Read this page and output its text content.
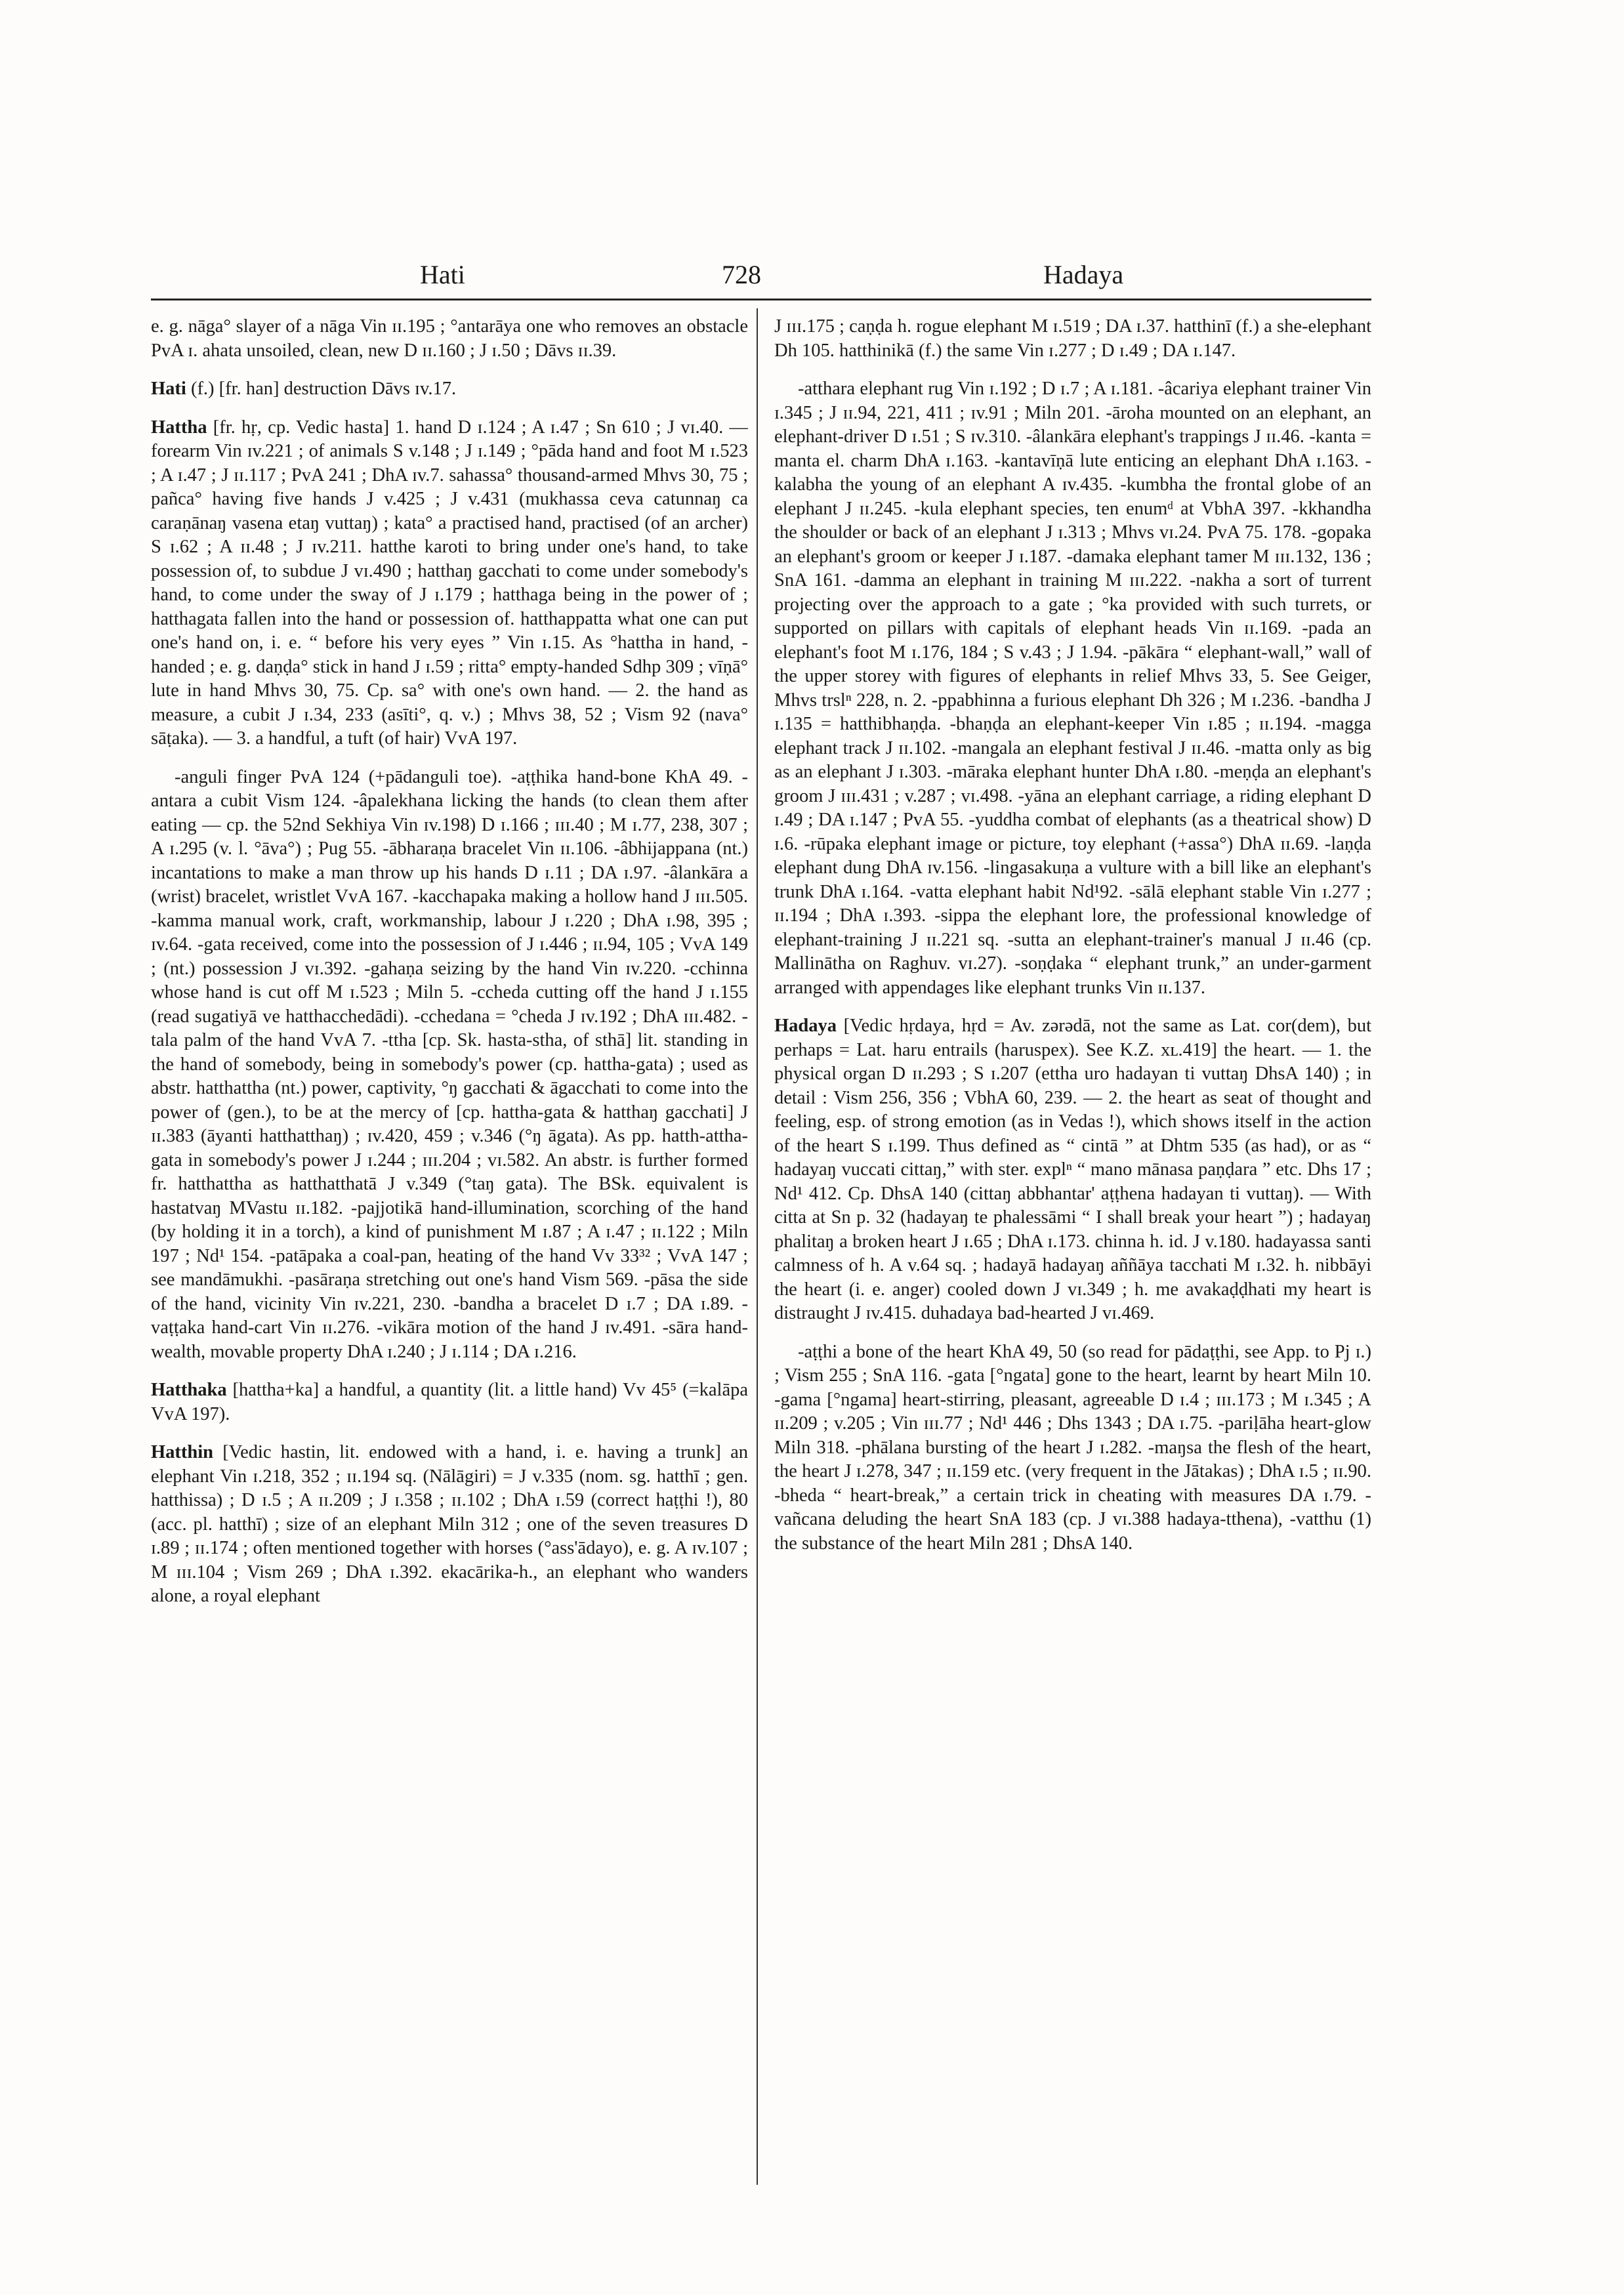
Hati	728	Hadaya

e. g. nāga° slayer of a nāga Vin ɪɪ.195 ; °antarāya one who removes an obstacle PvA ɪ. ahata unsoiled, clean, new D ɪɪ.160 ; J ɪ.50 ; Dāvs ɪɪ.39.

Hati (f.) [fr. han] destruction Dāvs ɪv.17.

Hattha [fr. hṛ, cp. Vedic hasta] 1. hand D ɪ.124 ; A ɪ.47 ; Sn 610 ; J vɪ.40. — forearm Vin ɪv.221 ; of animals S v.148 ; J ɪ.149 ; °pāda hand and foot M ɪ.523 ; A ɪ.47 ; J ɪɪ.117 ; PvA 241 ; DhA ɪv.7. sahassa° thousand-armed Mhvs 30, 75 ; pañca° having five hands J v.425 ; J v.431 (mukhassa ceva catunnaŋ ca caraṇānaŋ vasena etaŋ vuttaŋ) ; kata° a practised hand, practised (of an archer) S ɪ.62 ; A ɪɪ.48 ; J ɪv.211. hatthe karoti to bring under one's hand, to take possession of, to subdue J vɪ.490 ; hatthaŋ gacchati to come under somebody's hand, to come under the sway of J ɪ.179 ; hatthaga being in the power of ; hatthagata fallen into the hand or possession of. hatthappatta what one can put one's hand on, i. e. “ before his very eyes ” Vin ɪ.15. As °hattha in hand, -handed ; e. g. daṇḍa° stick in hand J ɪ.59 ; ritta° empty-handed Sdhp 309 ; vīṇā° lute in hand Mhvs 30, 75. Cp. sa° with one's own hand. — 2. the hand as measure, a cubit J ɪ.34, 233 (asīti°, q. v.) ; Mhvs 38, 52 ; Vism 92 (nava° sāṭaka). — 3. a handful, a tuft (of hair) VvA 197.

-anguli finger PvA 124 (+pādanguli toe). -aṭṭhika hand-bone KhA 49. -antara a cubit Vism 124. -âpalekhana licking the hands (to clean them after eating — cp. the 52nd Sekhiya Vin ɪv.198) D ɪ.166 ; ɪɪɪ.40 ; M ɪ.77, 238, 307 ; A ɪ.295 (v. l. °āva°) ; Pug 55. -ābharaṇa bracelet Vin ɪɪ.106. -âbhijappana (nt.) incantations to make a man throw up his hands D ɪ.11 ; DA ɪ.97. -âlankāra a (wrist) bracelet, wristlet VvA 167. -kacchapaka making a hollow hand J ɪɪɪ.505. -kamma manual work, craft, workmanship, labour J ɪ.220 ; DhA ɪ.98, 395 ; ɪv.64. -gata received, come into the possession of J ɪ.446 ; ɪɪ.94, 105 ; VvA 149 ; (nt.) possession J vɪ.392. -gahaṇa seizing by the hand Vin ɪv.220. -cchinna whose hand is cut off M ɪ.523 ; Miln 5. -ccheda cutting off the hand J ɪ.155 (read sugatiyā ve hatthacchedādi). -cchedana = °cheda J ɪv.192 ; DhA ɪɪɪ.482. -tala palm of the hand VvA 7. -ttha [cp. Sk. hasta-stha, of sthā] lit. standing in the hand of somebody, being in somebody's power (cp. hattha-gata) ; used as abstr. hatthattha (nt.) power, captivity, °ŋ gacchati & āgacchati to come into the power of (gen.), to be at the mercy of [cp. hattha-gata & hatthaŋ gacchati] J ɪɪ.383 (āyanti hatthatthaŋ) ; ɪv.420, 459 ; v.346 (°ŋ āgata). As pp. hatth-attha-gata in somebody's power J ɪ.244 ; ɪɪɪ.204 ; vɪ.582. An abstr. is further formed fr. hatthattha as hatthatthatā J v.349 (°taŋ gata). The BSk. equivalent is hastatvaŋ MVastu ɪɪ.182. -pajjotikā hand-illumination, scorching of the hand (by holding it in a torch), a kind of punishment M ɪ.87 ; A ɪ.47 ; ɪɪ.122 ; Miln 197 ; Nd¹ 154. -patāpaka a coal-pan, heating of the hand Vv 33³² ; VvA 147 ; see mandāmukhi. -pasāraṇa stretching out one's hand Vism 569. -pāsa the side of the hand, vicinity Vin ɪv.221, 230. -bandha a bracelet D ɪ.7 ; DA ɪ.89. -vaṭṭaka hand-cart Vin ɪɪ.276. -vikāra motion of the hand J ɪv.491. -sāra hand-wealth, movable property DhA ɪ.240 ; J ɪ.114 ; DA ɪ.216.

Hatthaka [hattha+ka] a handful, a quantity (lit. a little hand) Vv 45⁵ (=kalāpa VvA 197).

Hatthin [Vedic hastin, lit. endowed with a hand, i. e. having a trunk] an elephant Vin ɪ.218, 352 ; ɪɪ.194 sq. (Nālāgiri) = J v.335 (nom. sg. hatthī ; gen. hatthissa) ; D ɪ.5 ; A ɪɪ.209 ; J ɪ.358 ; ɪɪ.102 ; DhA ɪ.59 (correct haṭṭhi !), 80 (acc. pl. hatthī) ; size of an elephant Miln 312 ; one of the seven treasures D ɪ.89 ; ɪɪ.174 ; often mentioned together with horses (°ass'ādayo), e. g. A ɪv.107 ; M ɪɪɪ.104 ; Vism 269 ; DhA ɪ.392. ekacārika-h., an elephant who wanders alone, a royal elephant

J ɪɪɪ.175 ; caṇḍa h. rogue elephant M ɪ.519 ; DA ɪ.37. hatthinī (f.) a she-elephant Dh 105. hatthinikā (f.) the same Vin ɪ.277 ; D ɪ.49 ; DA ɪ.147.

-atthara elephant rug Vin ɪ.192 ; D ɪ.7 ; A ɪ.181. -âcariya elephant trainer Vin ɪ.345 ; J ɪɪ.94, 221, 411 ; ɪv.91 ; Miln 201. -āroha mounted on an elephant, an elephant-driver D ɪ.51 ; S ɪv.310. -âlankāra elephant's trappings J ɪɪ.46. -kanta = manta el. charm DhA ɪ.163. -kantavīṇā lute enticing an elephant DhA ɪ.163. -kalabha the young of an elephant A ɪv.435. -kumbha the frontal globe of an elephant J ɪɪ.245. -kula elephant species, ten enumᵈ at VbhA 397. -kkhandha the shoulder or back of an elephant J ɪ.313 ; Mhvs vɪ.24. PvA 75. 178. -gopaka an elephant's groom or keeper J ɪ.187. -damaka elephant tamer M ɪɪɪ.132, 136 ; SnA 161. -damma an elephant in training M ɪɪɪ.222. -nakha a sort of turrent projecting over the approach to a gate ; °ka provided with such turrets, or supported on pillars with capitals of elephant heads Vin ɪɪ.169. -pada an elephant's foot M ɪ.176, 184 ; S v.43 ; J 1.94. -pākāra “ elephant-wall,” wall of the upper storey with figures of elephants in relief Mhvs 33, 5. See Geiger, Mhvs trslⁿ 228, n. 2. -ppabhinna a furious elephant Dh 326 ; M ɪ.236. -bandha J ɪ.135 = hatthibhaṇḍa. -bhaṇḍa an elephant-keeper Vin ɪ.85 ; ɪɪ.194. -magga elephant track J ɪɪ.102. -mangala an elephant festival J ɪɪ.46. -matta only as big as an elephant J ɪ.303. -māraka elephant hunter DhA ɪ.80. -meṇḍa an elephant's groom J ɪɪɪ.431 ; v.287 ; vɪ.498. -yāna an elephant carriage, a riding elephant D ɪ.49 ; DA ɪ.147 ; PvA 55. -yuddha combat of elephants (as a theatrical show) D ɪ.6. -rūpaka elephant image or picture, toy elephant (+assa°) DhA ɪɪ.69. -laṇḍa elephant dung DhA ɪv.156. -lingasakuṇa a vulture with a bill like an elephant's trunk DhA ɪ.164. -vatta elephant habit Nd¹92. -sālā elephant stable Vin ɪ.277 ; ɪɪ.194 ; DhA ɪ.393. -sippa the elephant lore, the professional knowledge of elephant-training J ɪɪ.221 sq. -sutta an elephant-trainer's manual J ɪɪ.46 (cp. Mallinātha on Raghuv. vɪ.27). -soṇḍaka “ elephant trunk,” an under-garment arranged with appendages like elephant trunks Vin ɪɪ.137.

Hadaya [Vedic hṛdaya, hṛd = Av. zərədā, not the same as Lat. cor(dem), but perhaps = Lat. haru entrails (haruspex). See K.Z. xʟ.419] the heart. — 1. the physical organ D ɪɪ.293 ; S ɪ.207 (ettha uro hadayan ti vuttaŋ DhsA 140) ; in detail : Vism 256, 356 ; VbhA 60, 239. — 2. the heart as seat of thought and feeling, esp. of strong emotion (as in Vedas !), which shows itself in the action of the heart S ɪ.199. Thus defined as “ cintā ” at Dhtm 535 (as had), or as “ hadayaŋ vuccati cittaŋ,” with ster. explⁿ “ mano mānasa paṇḍara ” etc. Dhs 17 ; Nd¹ 412. Cp. DhsA 140 (cittaŋ abbhantar' aṭṭhena hadayan ti vuttaŋ). — With citta at Sn p. 32 (hadayaŋ te phalessāmi “ I shall break your heart ”) ; hadayaŋ phalitaŋ a broken heart J ɪ.65 ; DhA ɪ.173. chinna h. id. J v.180. hadayassa santi calmness of h. A v.64 sq. ; hadayā hadayaŋ aññāya tacchati M ɪ.32. h. nibbāyi the heart (i. e. anger) cooled down J vɪ.349 ; h. me avakaḍḍhati my heart is distraught J ɪv.415. duhadaya bad-hearted J vɪ.469.

-aṭṭhi a bone of the heart KhA 49, 50 (so read for pādaṭṭhi, see App. to Pj ɪ.) ; Vism 255 ; SnA 116. -gata [°ngata] gone to the heart, learnt by heart Miln 10. -gama [°ngama] heart-stirring, pleasant, agreeable D ɪ.4 ; ɪɪɪ.173 ; M ɪ.345 ; A ɪɪ.209 ; v.205 ; Vin ɪɪɪ.77 ; Nd¹ 446 ; Dhs 1343 ; DA ɪ.75. -pariḷāha heart-glow Miln 318. -phālana bursting of the heart J ɪ.282. -maŋsa the flesh of the heart, the heart J ɪ.278, 347 ; ɪɪ.159 etc. (very frequent in the Jātakas) ; DhA ɪ.5 ; ɪɪ.90. -bheda “ heart-break,” a certain trick in cheating with measures DA ɪ.79. -vañcana deluding the heart SnA 183 (cp. J vɪ.388 hadaya-tthena), -vatthu (1) the substance of the heart Miln 281 ; DhsA 140.
